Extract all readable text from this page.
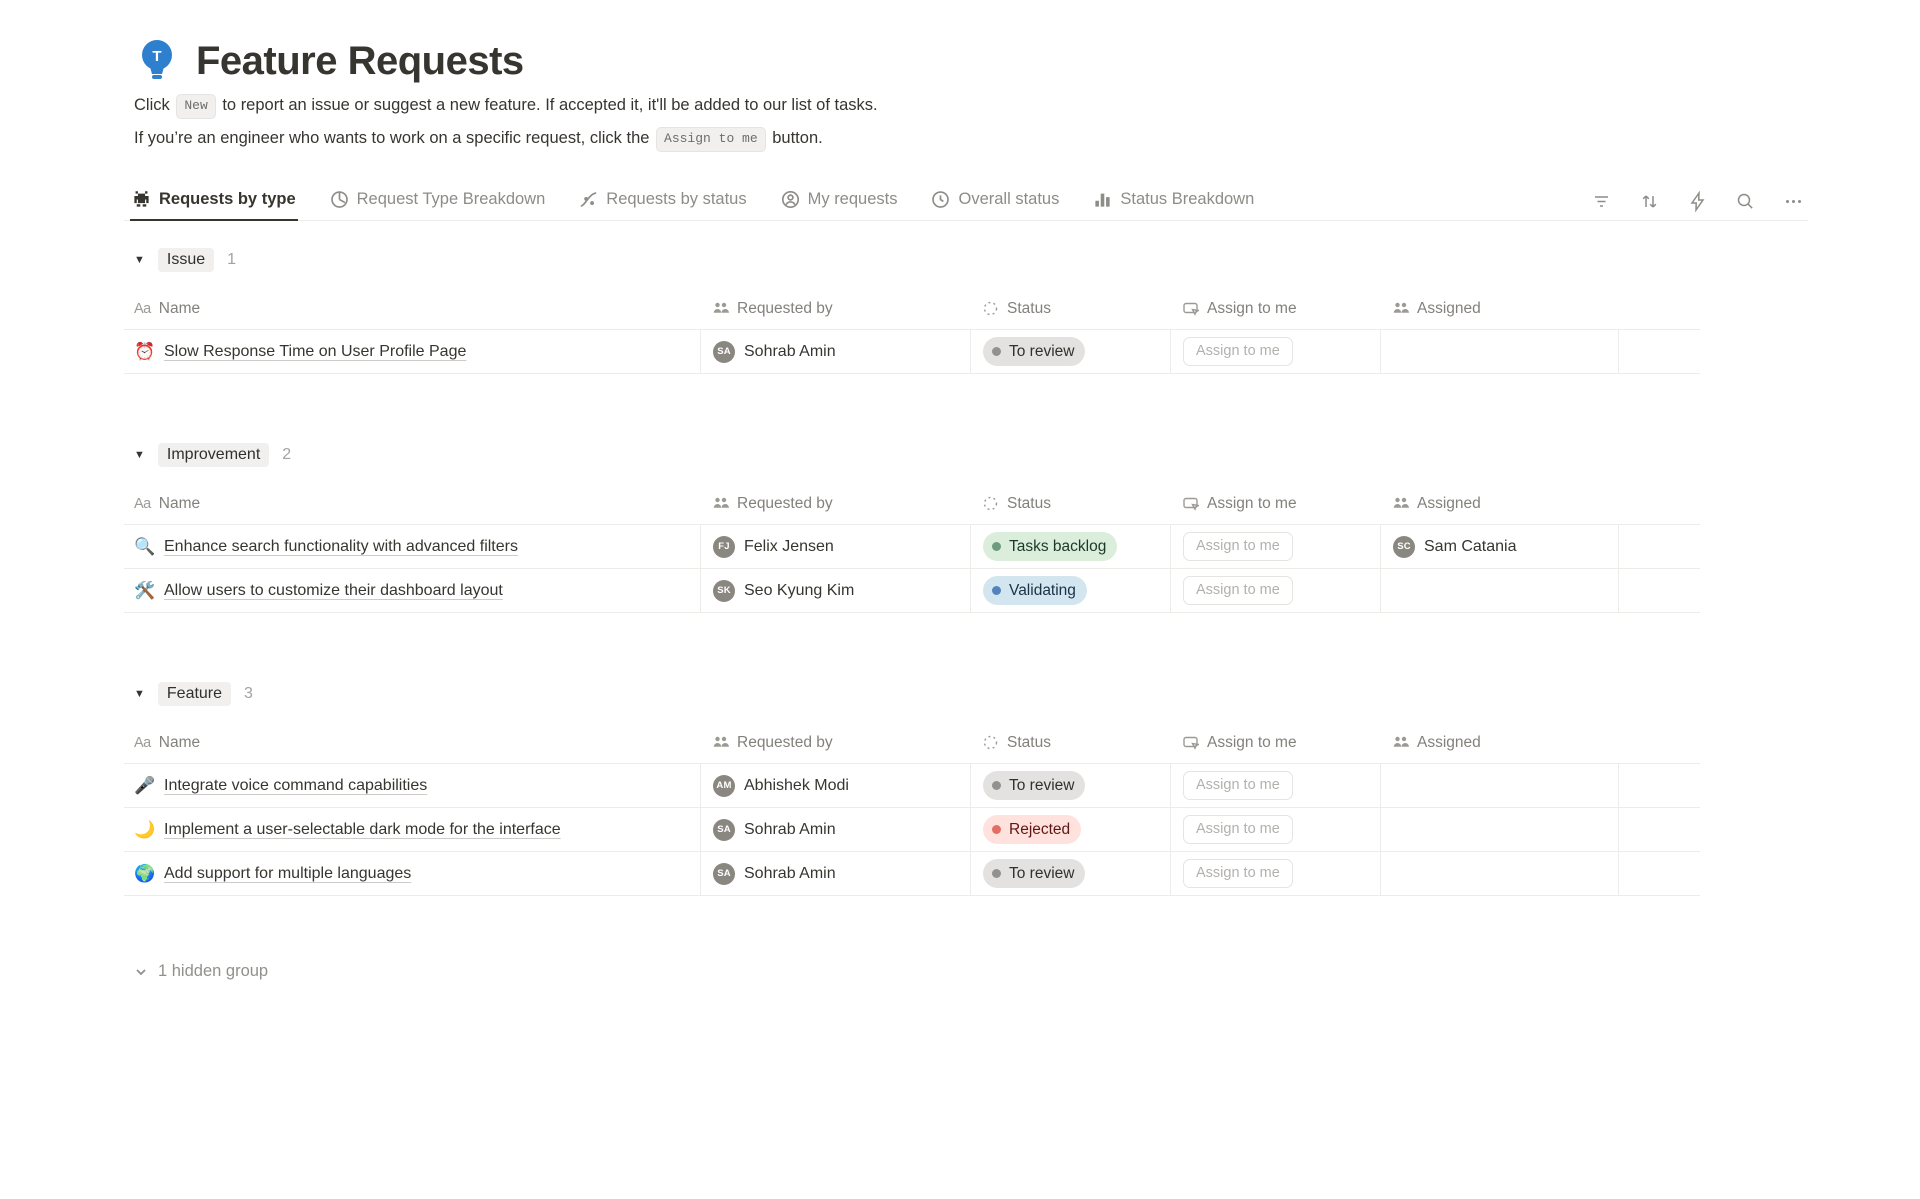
T Feature Requests

Click New to report an issue or suggest a new feature. If accepted it, it'll be added to our list of tasks.

If you’re an engineer who wants to work on a specific request, click the Assign to me button.

Requests by type	Request Type Breakdown	Requests by status	My requests	Overall status	Status Breakdown
▼	Issue	1
Aa Name	Requested by	Status	Assign to me	Assigned
⏰ Slow Response Time on User Profile Page	SA Sohrab Amin	To review	Assign to me
▼	Improvement	2
Aa Name	Requested by	Status	Assign to me	Assigned
🔍 Enhance search functionality with advanced filters	FJ Felix Jensen	Tasks backlog	Assign to me	SC Sam Catania
🛠️ Allow users to customize their dashboard layout	SK Seo Kyung Kim	Validating	Assign to me
▼	Feature	3
Aa Name	Requested by	Status	Assign to me	Assigned
🎤 Integrate voice command capabilities	AM Abhishek Modi	To review	Assign to me
🌙 Implement a user-selectable dark mode for the interface	SA Sohrab Amin	Rejected	Assign to me
🌍 Add support for multiple languages	SA Sohrab Amin	To review	Assign to me
1 hidden group
